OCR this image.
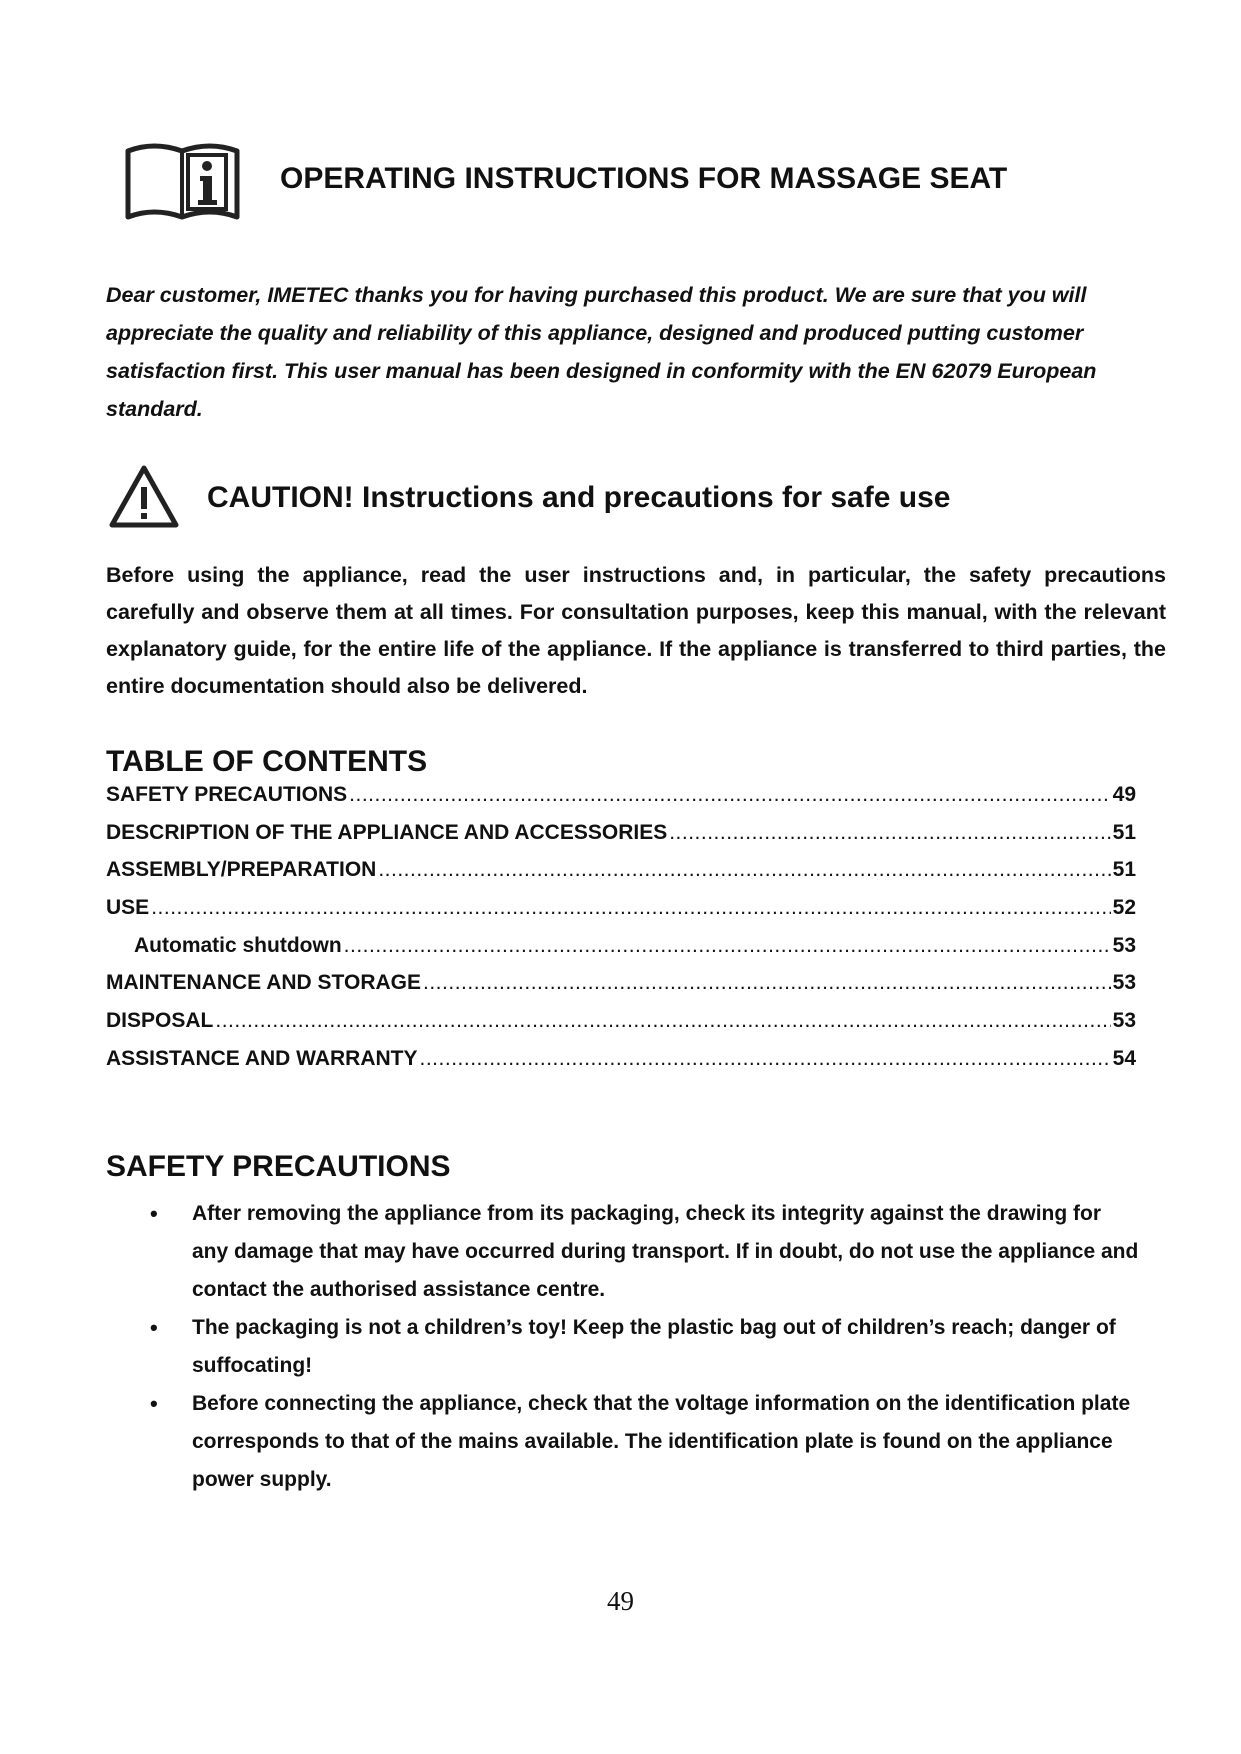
OPERATING INSTRUCTIONS FOR MASSAGE SEAT
Dear customer, IMETEC thanks you for having purchased this product. We are sure that you will appreciate the quality and reliability of this appliance, designed and produced putting customer satisfaction first. This user manual has been designed in conformity with the EN 62079 European standard.
CAUTION! Instructions and precautions for safe use
Before using the appliance, read the user instructions and, in particular, the safety precautions carefully and observe them at all times. For consultation purposes, keep this manual, with the relevant explanatory guide, for the entire life of the appliance. If the appliance is transferred to third parties, the entire documentation should also be delivered.
TABLE OF CONTENTS
SAFETY PRECAUTIONS .....	49
DESCRIPTION OF THE APPLIANCE AND ACCESSORIES .....	51
ASSEMBLY/PREPARATION .....	51
USE .....	52
Automatic shutdown .....	53
MAINTENANCE AND STORAGE .....	53
DISPOSAL .....	53
ASSISTANCE AND WARRANTY .....	54
SAFETY PRECAUTIONS
• After removing the appliance from its packaging, check its integrity against the drawing for any damage that may have occurred during transport. If in doubt, do not use the appliance and contact the authorised assistance centre.
• The packaging is not a children’s toy! Keep the plastic bag out of children’s reach; danger of suffocating!
• Before connecting the appliance, check that the voltage information on the identification plate corresponds to that of the mains available. The identification plate is found on the appliance power supply.
49
